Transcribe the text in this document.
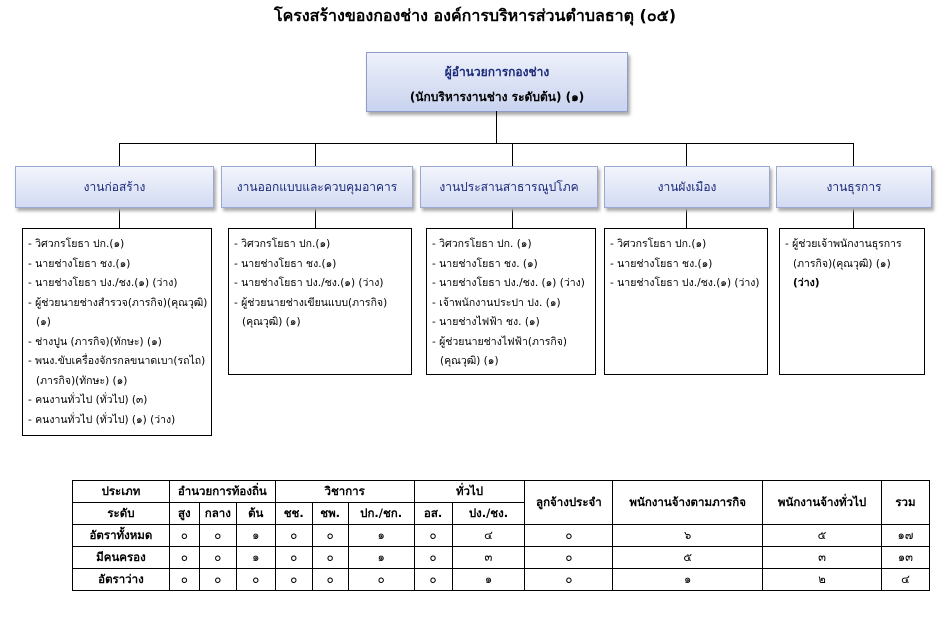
โครงสร้างของกองช่าง องค์การบริหารส่วนตำบลธาตุ (๐๕)
ผู้อำนวยการกองช่าง
(นักบริหารงานช่าง ระดับต้น) (๑)
งานก่อสร้าง	งานออกแบบและควบคุมอาคาร	งานประสานสาธารณูปโภค	งานผังเมือง	งานธุรการ
- วิศวกรโยธา ปก.(๑)
- นายช่างโยธา ชง.(๑)
- นายช่างโยธา ปง./ชง.(๑) (ว่าง)
- ผู้ช่วยนายช่างสำรวจ(ภารกิจ)(คุณวุฒิ)
(๑)
- ช่างปูน (ภารกิจ)(ทักษะ) (๑)
- พนง.ขับเครื่องจักรกลขนาดเบา(รถไถ)
(ภารกิจ)(ทักษะ) (๑)
- คนงานทั่วไป (ทั่วไป) (๓)
- คนงานทั่วไป (ทั่วไป) (๑) (ว่าง)
- วิศวกรโยธา ปก.(๑)
- นายช่างโยธา ชง.(๑)
- นายช่างโยธา ปง./ชง.(๑) (ว่าง)
- ผู้ช่วยนายช่างเขียนแบบ(ภารกิจ)
(คุณวุฒิ) (๑)
- วิศวกรโยธา ปก. (๑)
- นายช่างโยธา ชง. (๑)
- นายช่างโยธา ปง./ชง. (๑) (ว่าง)
- เจ้าพนักงานประปา ปง. (๑)
- นายช่างไฟฟ้า ชง. (๑)
- ผู้ช่วยนายช่างไฟฟ้า(ภารกิจ)
(คุณวุฒิ) (๑)
- วิศวกรโยธา ปก.(๑)
- นายช่างโยธา ชง.(๑)
- นายช่างโยธา ปง./ชง.(๑) (ว่าง)
- ผู้ช่วยเจ้าพนักงานธุรการ
(ภารกิจ)(คุณวุฒิ) (๑)
(ว่าง)
ประเภท	อำนวยการท้องถิ่น			วิชาการ			ทั่วไป		ลูกจ้างประจำ	พนักงานจ้างตามภารกิจ	พนักงานจ้างทั่วไป	รวม
ระดับ	สูง	กลาง	ต้น	ชช.	ชพ.	ปก./ชก.	อส.	ปง./ชง.				
อัตราทั้งหมด	๐	๐	๑	๐	๐	๑	๐	๔	๐	๖	๕	๑๗
มีคนครอง	๐	๐	๑	๐	๐	๑	๐	๓	๐	๕	๓	๑๓
อัตราว่าง	๐	๐	๐	๐	๐	๐	๐	๑	๐	๑	๒	๔
